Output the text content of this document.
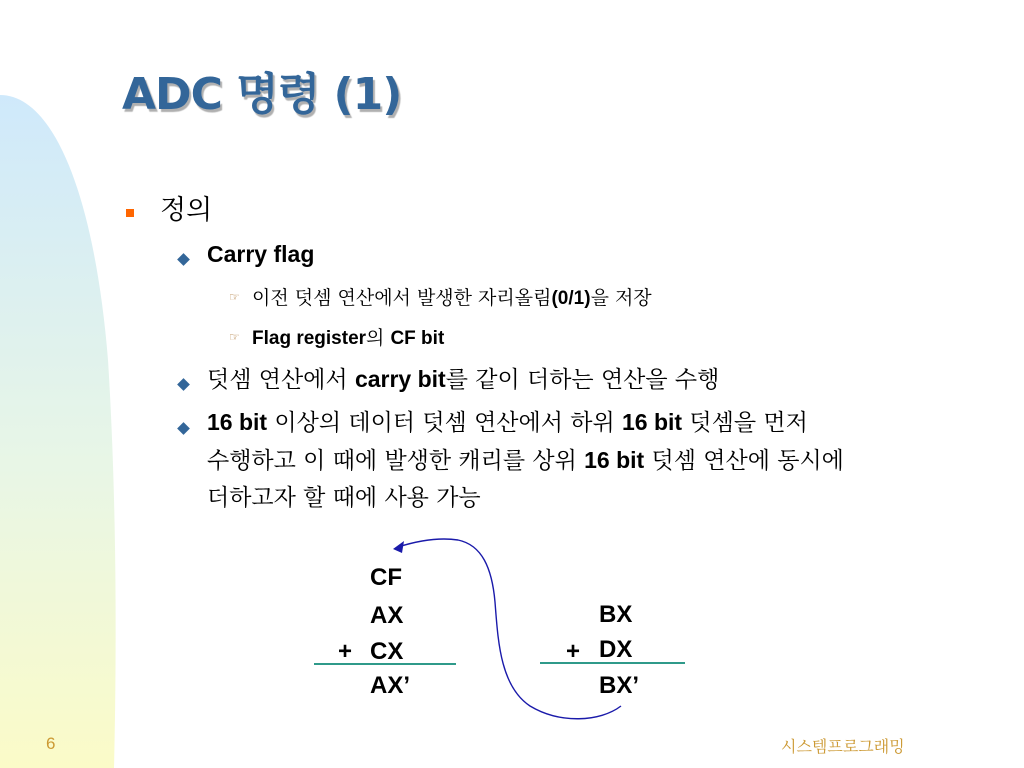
ADC 명령 (1)
정의
Carry flag
☞ 이전 덧셈 연산에서 발생한 자리올림(0/1)을 저장
☞ Flag register의 CF bit
덧셈 연산에서 carry bit를 같이 더하는 연산을 수행
16 bit 이상의 데이터 덧셈 연산에서 하위 16 bit 덧셈을 먼저
수행하고 이 때에 발생한 캐리를 상위 16 bit 덧셈 연산에 동시에
더하고자 할 때에 사용 가능
CF
AX
+ CX
AX’
BX
+ DX
BX’
6	시스템프로그래밍
